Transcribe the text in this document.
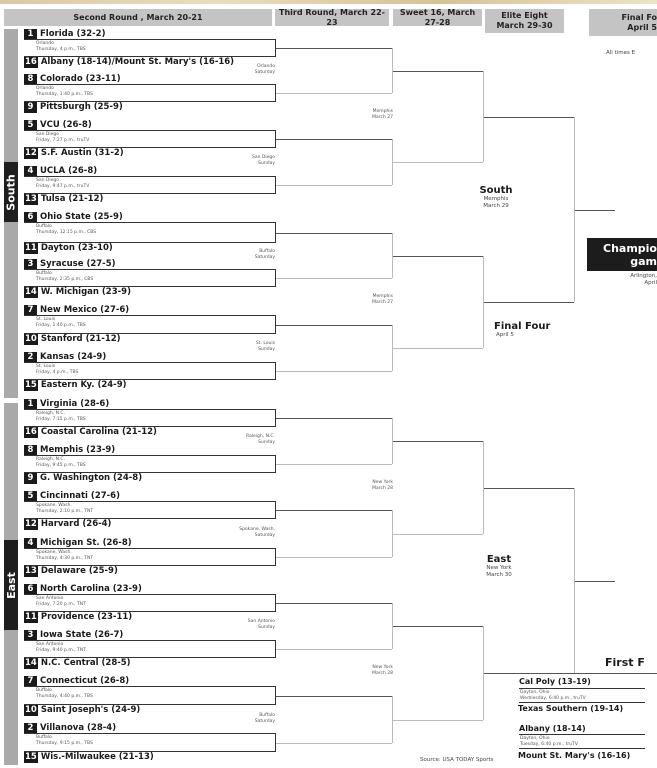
Second Round , March 20-21
Third Round, March 22-23
Sweet 16, March 27-28
Elite Eight
March 29-30
Final Fo
April 5
All times E
South
East
1 Florida (32-2)
Orlando
Thursday, 4 p.m., TBS
16 Albany (18-14)/Mount St. Mary's (16-16)
8 Colorado (23-11)
Orlando
Thursday, 1:40 p.m., TBS
9 Pittsburgh (25-9)
5 VCU (26-8)
San Diego
Friday, 7:27 p.m., truTV
12 S.F. Austin (31-2)
4 UCLA (26-8)
San Diego
Friday, 9:47 p.m., truTV
13 Tulsa (21-12)
6 Ohio State (25-9)
Buffalo
Thursday, 12:15 p.m., CBS
11 Dayton (23-10)
3 Syracuse (27-5)
Buffalo
Thursday, 2:35 p.m., CBS
14 W. Michigan (23-9)
7 New Mexico (27-6)
St. Louis
Friday, 1:40 p.m., TBS
10 Stanford (21-12)
2 Kansas (24-9)
St. Louis
Friday, 4 p.m., TBS
15 Eastern Ky. (24-9)
Orlando
Saturday
San Diego
Sunday
Buffalo
Saturday
St. Louis
Sunday
Memphis
March 27
Memphis
March 27
1 Virginia (28-6)
Raleigh, N.C.
Friday, 7:15 p.m., TBS
16 Coastal Carolina (21-12)
8 Memphis (23-9)
Raleigh, N.C.
Friday, 9:45 p.m., TBS
9 G. Washington (24-8)
5 Cincinnati (27-6)
Spokane, Wash.
Thursday, 2:10 p.m., TNT
12 Harvard (26-4)
4 Michigan St. (26-8)
Spokane, Wash.
Thursday, 4:30 p.m., TNT
13 Delaware (25-9)
6 North Carolina (23-9)
San Antonio
Friday, 7:20 p.m., TNT
11 Providence (23-11)
3 Iowa State (26-7)
San Antonio
Friday, 9:40 p.m., TNT
14 N.C. Central (28-5)
7 Connecticut (26-8)
Buffalo
Thursday, 4:40 p.m., TBS
10 Saint Joseph's (24-9)
2 Villanova (28-4)
Buffalo
Thursday, 9:15 p.m., TBS
15 Wis.-Milwaukee (21-13)
Raleigh, N.C.
Sunday
Spokane, Wash.
Saturday
San Antonio
Sunday
Buffalo
Saturday
New York
March 28
New York
March 28
South
Memphis
March 29
East
New York
March 30
Final Four
April 5
Champio
gam
Arlington,
April
First F
Cal Poly (13-19)
Dayton, Ohio
Wednesday, 6:40 p.m., truTV
Texas Southern (19-14)
Albany (18-14)
Dayton, Ohio
Tuesday, 6:40 p.m., truTV
Mount St. Mary's (16-16)
Source: USA TODAY Sports
